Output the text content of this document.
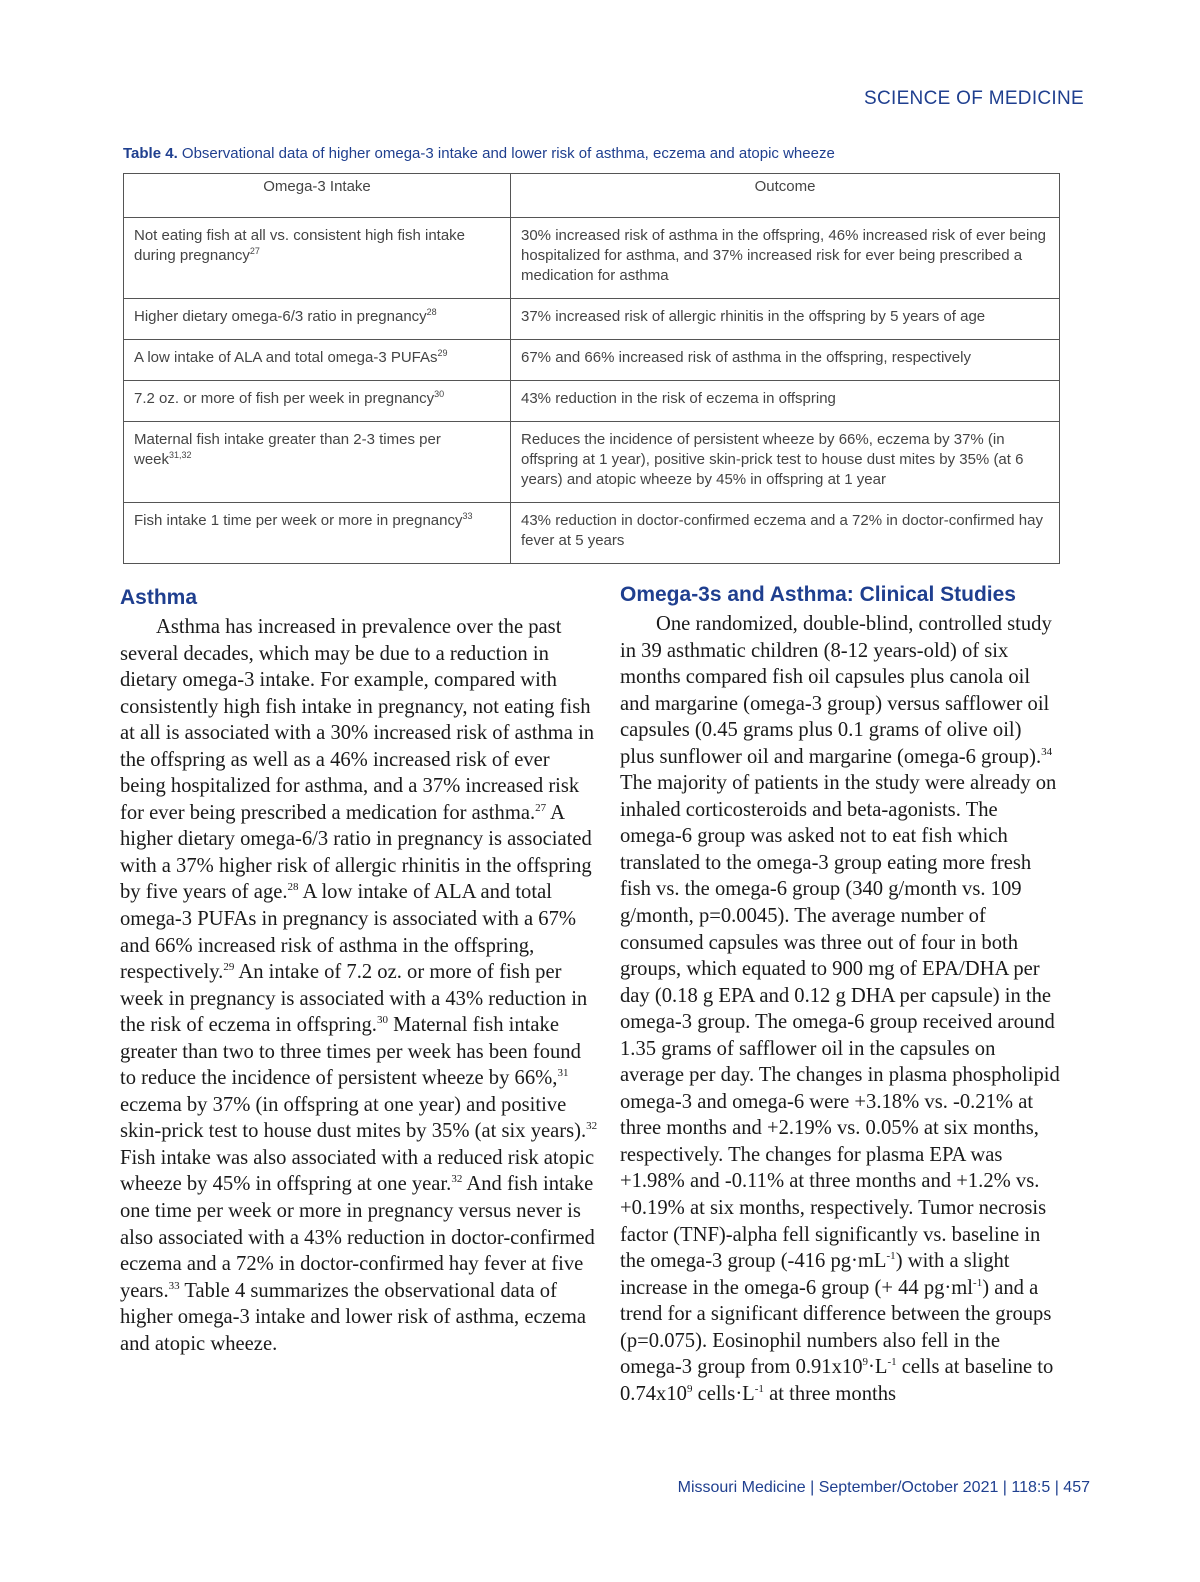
SCIENCE OF MEDICINE
Table 4. Observational data of higher omega-3 intake and lower risk of asthma, eczema and atopic wheeze
Omega-3 Intake	Outcome
Not eating fish at all vs. consistent high fish intake during pregnancy$^{27}$	30% increased risk of asthma in the offspring, 46% increased risk of ever being hospitalized for asthma, and 37% increased risk for ever being prescribed a medication for asthma
Higher dietary omega-6/3 ratio in pregnancy$^{28}$	37% increased risk of allergic rhinitis in the offspring by 5 years of age
A low intake of ALA and total omega-3 PUFAs$^{29}$	67% and 66% increased risk of asthma in the offspring, respectively
7.2 oz. or more of fish per week in pregnancy$^{30}$	43% reduction in the risk of eczema in offspring
Maternal fish intake greater than 2-3 times per week$^{31,32}$	Reduces the incidence of persistent wheeze by 66%, eczema by 37% (in offspring at 1 year), positive skin-prick test to house dust mites by 35% (at 6 years) and atopic wheeze by 45% in offspring at 1 year
Fish intake 1 time per week or more in pregnancy$^{33}$	43% reduction in doctor-confirmed eczema and a 72% in doctor-confirmed hay fever at 5 years
Asthma

Asthma has increased in prevalence over the past several decades, which may be due to a reduction in dietary omega-3 intake. For example, compared with consistently high fish intake in pregnancy, not eating fish at all is associated with a 30% increased risk of asthma in the offspring as well as a 46% increased risk of ever being hospitalized for asthma, and a 37% increased risk for ever being prescribed a medication for asthma.$^{27}$ A higher dietary omega-6/3 ratio in pregnancy is associated with a 37% higher risk of allergic rhinitis in the offspring by five years of age.$^{28}$ A low intake of ALA and total omega-3 PUFAs in pregnancy is associated with a 67% and 66% increased risk of asthma in the offspring, respectively.$^{29}$ An intake of 7.2 oz. or more of fish per week in pregnancy is associated with a 43% reduction in the risk of eczema in offspring.$^{30}$ Maternal fish intake greater than two to three times per week has been found to reduce the incidence of persistent wheeze by 66%,$^{31}$ eczema by 37% (in offspring at one year) and positive skin-prick test to house dust mites by 35% (at six years).$^{32}$ Fish intake was also associated with a reduced risk atopic wheeze by 45% in offspring at one year.$^{32}$ And fish intake one time per week or more in pregnancy versus never is also associated with a 43% reduction in doctor-confirmed eczema and a 72% in doctor-confirmed hay fever at five years.$^{33}$ Table 4 summarizes the observational data of higher omega-3 intake and lower risk of asthma, eczema and atopic wheeze.

Omega-3s and Asthma: Clinical Studies

One randomized, double-blind, controlled study in 39 asthmatic children (8-12 years-old) of six months compared fish oil capsules plus canola oil and margarine (omega-3 group) versus safflower oil capsules (0.45 grams plus 0.1 grams of olive oil) plus sunflower oil and margarine (omega-6 group).$^{34}$ The majority of patients in the study were already on inhaled corticosteroids and beta-agonists. The omega-6 group was asked not to eat fish which translated to the omega-3 group eating more fresh fish vs. the omega-6 group (340 g/month vs. 109 g/month, p=0.0045). The average number of consumed capsules was three out of four in both groups, which equated to 900 mg of EPA/DHA per day (0.18 g EPA and 0.12 g DHA per capsule) in the omega-3 group. The omega-6 group received around 1.35 grams of safflower oil in the capsules on average per day. The changes in plasma phospholipid omega-3 and omega-6 were +3.18% vs. -0.21% at three months and +2.19% vs. 0.05% at six months, respectively. The changes for plasma EPA was +1.98% and -0.11% at three months and +1.2% vs. +0.19% at six months, respectively. Tumor necrosis factor (TNF)-alpha fell significantly vs. baseline in the omega-3 group (-416 $pg\cdot mL^{-1}$) with a slight increase in the omega-6 group (+ 44 $pg\cdot ml^{-1}$) and a trend for a significant difference between the groups (p=0.075). Eosinophil numbers also fell in the omega-3 group from $0.91x10^9\cdot L^{-1}$ cells at baseline to $0.74x10^9$ $cells\cdot L^{-1}$ at three months

Missouri Medicine | September/October 2021 | 118:5 | 457
